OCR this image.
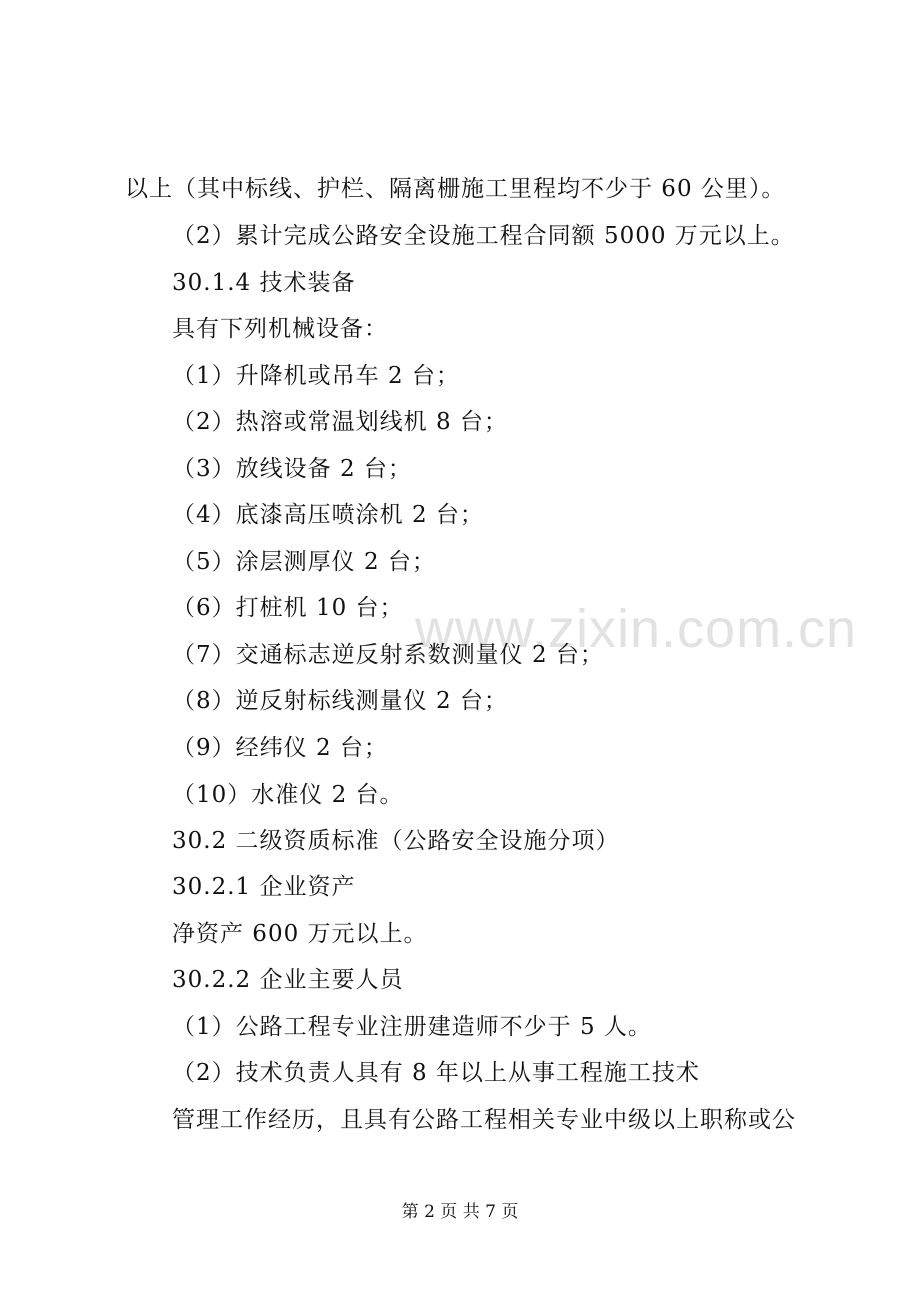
www.zixin.com.cn
以上（其中标线、护栏、隔离栅施工里程均不少于 60 公里）。
（2）累计完成公路安全设施工程合同额 5000 万元以上。
30.1.4 技术装备
具有下列机械设备：
（1）升降机或吊车 2 台；
（2）热溶或常温划线机 8 台；
（3）放线设备 2 台；
（4）底漆高压喷涂机 2 台；
（5）涂层测厚仪 2 台；
（6）打桩机 10 台；
（7）交通标志逆反射系数测量仪 2 台；
（8）逆反射标线测量仪 2 台；
（9）经纬仪 2 台；
（10）水准仪 2 台。
30.2 二级资质标准（公路安全设施分项）
30.2.1 企业资产
净资产 600 万元以上。
30.2.2 企业主要人员
（1）公路工程专业注册建造师不少于 5 人。
（2）技术负责人具有 8 年以上从事工程施工技术
管理工作经历，且具有公路工程相关专业中级以上职称或公
第 2 页 共 7 页
